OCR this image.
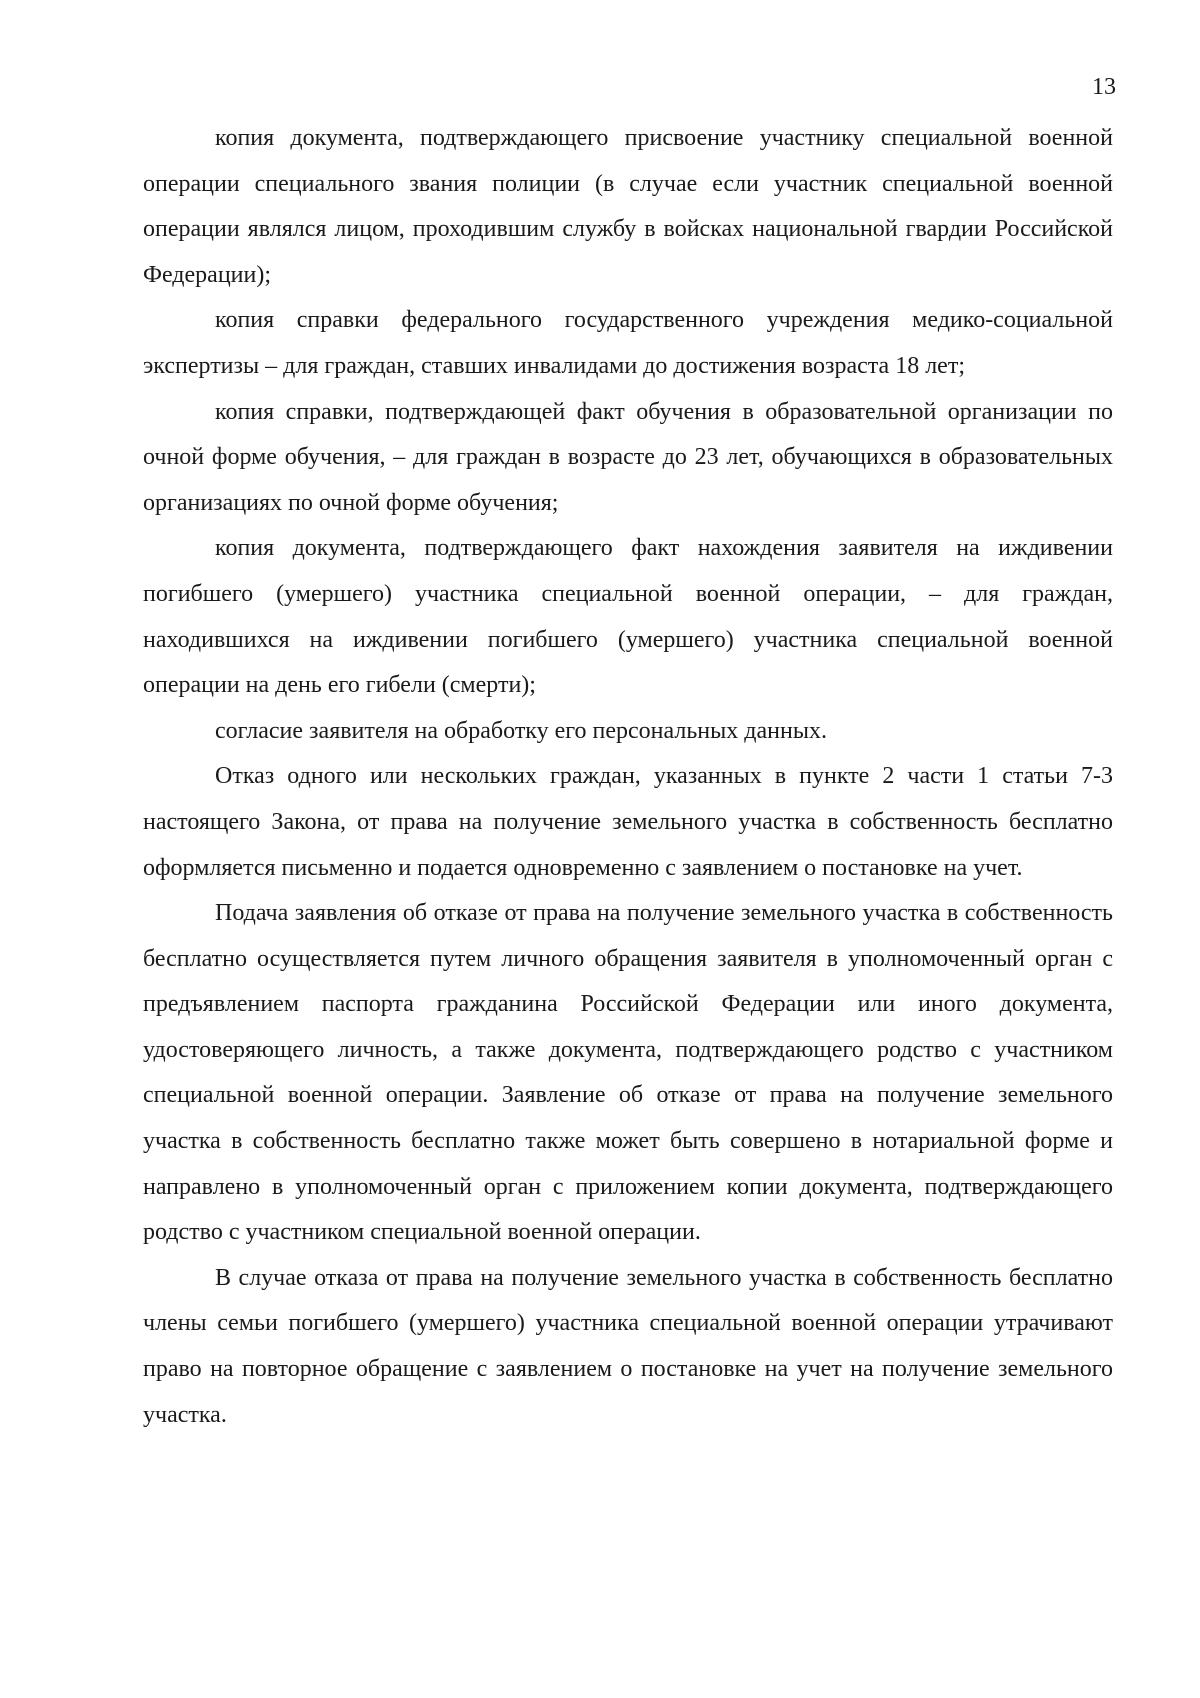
13

копия документа, подтверждающего присвоение участнику специальной военной операции специального звания полиции (в случае если участник специальной военной операции являлся лицом, проходившим службу в войсках национальной гвардии Российской Федерации);

копия справки федерального государственного учреждения медико-социальной экспертизы – для граждан, ставших инвалидами до достижения возраста 18 лет;

копия справки, подтверждающей факт обучения в образовательной организации по очной форме обучения, – для граждан в возрасте до 23 лет, обучающихся в образовательных организациях по очной форме обучения;

копия документа, подтверждающего факт нахождения заявителя на иждивении погибшего (умершего) участника специальной военной операции, – для граждан, находившихся на иждивении погибшего (умершего) участника специальной военной операции на день его гибели (смерти);

согласие заявителя на обработку его персональных данных.

Отказ одного или нескольких граждан, указанных в пункте 2 части 1 статьи 7-3 настоящего Закона, от права на получение земельного участка в собственность бесплатно оформляется письменно и подается одновременно с заявлением о постановке на учет.

Подача заявления об отказе от права на получение земельного участка в собственность бесплатно осуществляется путем личного обращения заявителя в уполномоченный орган с предъявлением паспорта гражданина Российской Федерации или иного документа, удостоверяющего личность, а также документа, подтверждающего родство с участником специальной военной операции. Заявление об отказе от права на получение земельного участка в собственность бесплатно также может быть совершено в нотариальной форме и направлено в уполномоченный орган с приложением копии документа, подтверждающего родство с участником специальной военной операции.

В случае отказа от права на получение земельного участка в собственность бесплатно члены семьи погибшего (умершего) участника специальной военной операции утрачивают право на повторное обращение с заявлением о постановке на учет на получение земельного участка.
